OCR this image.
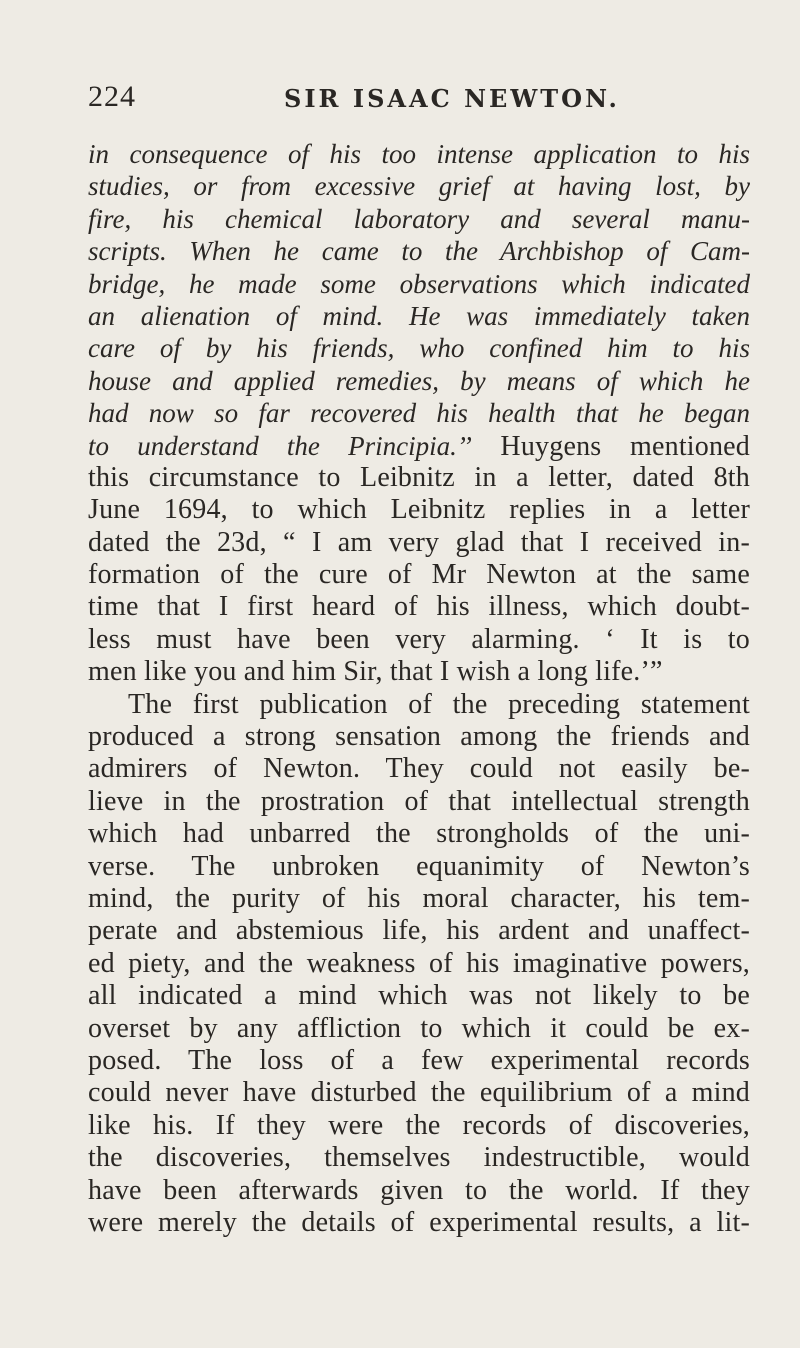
224	SIR ISAAC NEWTON.
in consequence of his too intense application to his
studies, or from excessive grief at having lost, by
fire, his chemical laboratory and several manu-
scripts. When he came to the Archbishop of Cam-
bridge, he made some observations which indicated
an alienation of mind. He was immediately taken
care of by his friends, who confined him to his
house and applied remedies, by means of which he
had now so far recovered his health that he began
to understand the Principia.’’ Huygens mentioned
this circumstance to Leibnitz in a letter, dated 8th
June 1694, to which Leibnitz replies in a letter
dated the 23d, “ I am very glad that I received in-
formation of the cure of Mr Newton at the same
time that I first heard of his illness, which doubt-
less must have been very alarming. ‘ It is to
men like you and him Sir, that I wish a long life.’”
The first publication of the preceding statement
produced a strong sensation among the friends and
admirers of Newton. They could not easily be-
lieve in the prostration of that intellectual strength
which had unbarred the strongholds of the uni-
verse. The unbroken equanimity of Newton’s
mind, the purity of his moral character, his tem-
perate and abstemious life, his ardent and unaffect-
ed piety, and the weakness of his imaginative powers,
all indicated a mind which was not likely to be
overset by any affliction to which it could be ex-
posed. The loss of a few experimental records
could never have disturbed the equilibrium of a mind
like his. If they were the records of discoveries,
the discoveries, themselves indestructible, would
have been afterwards given to the world. If they
were merely the details of experimental results, a lit-
